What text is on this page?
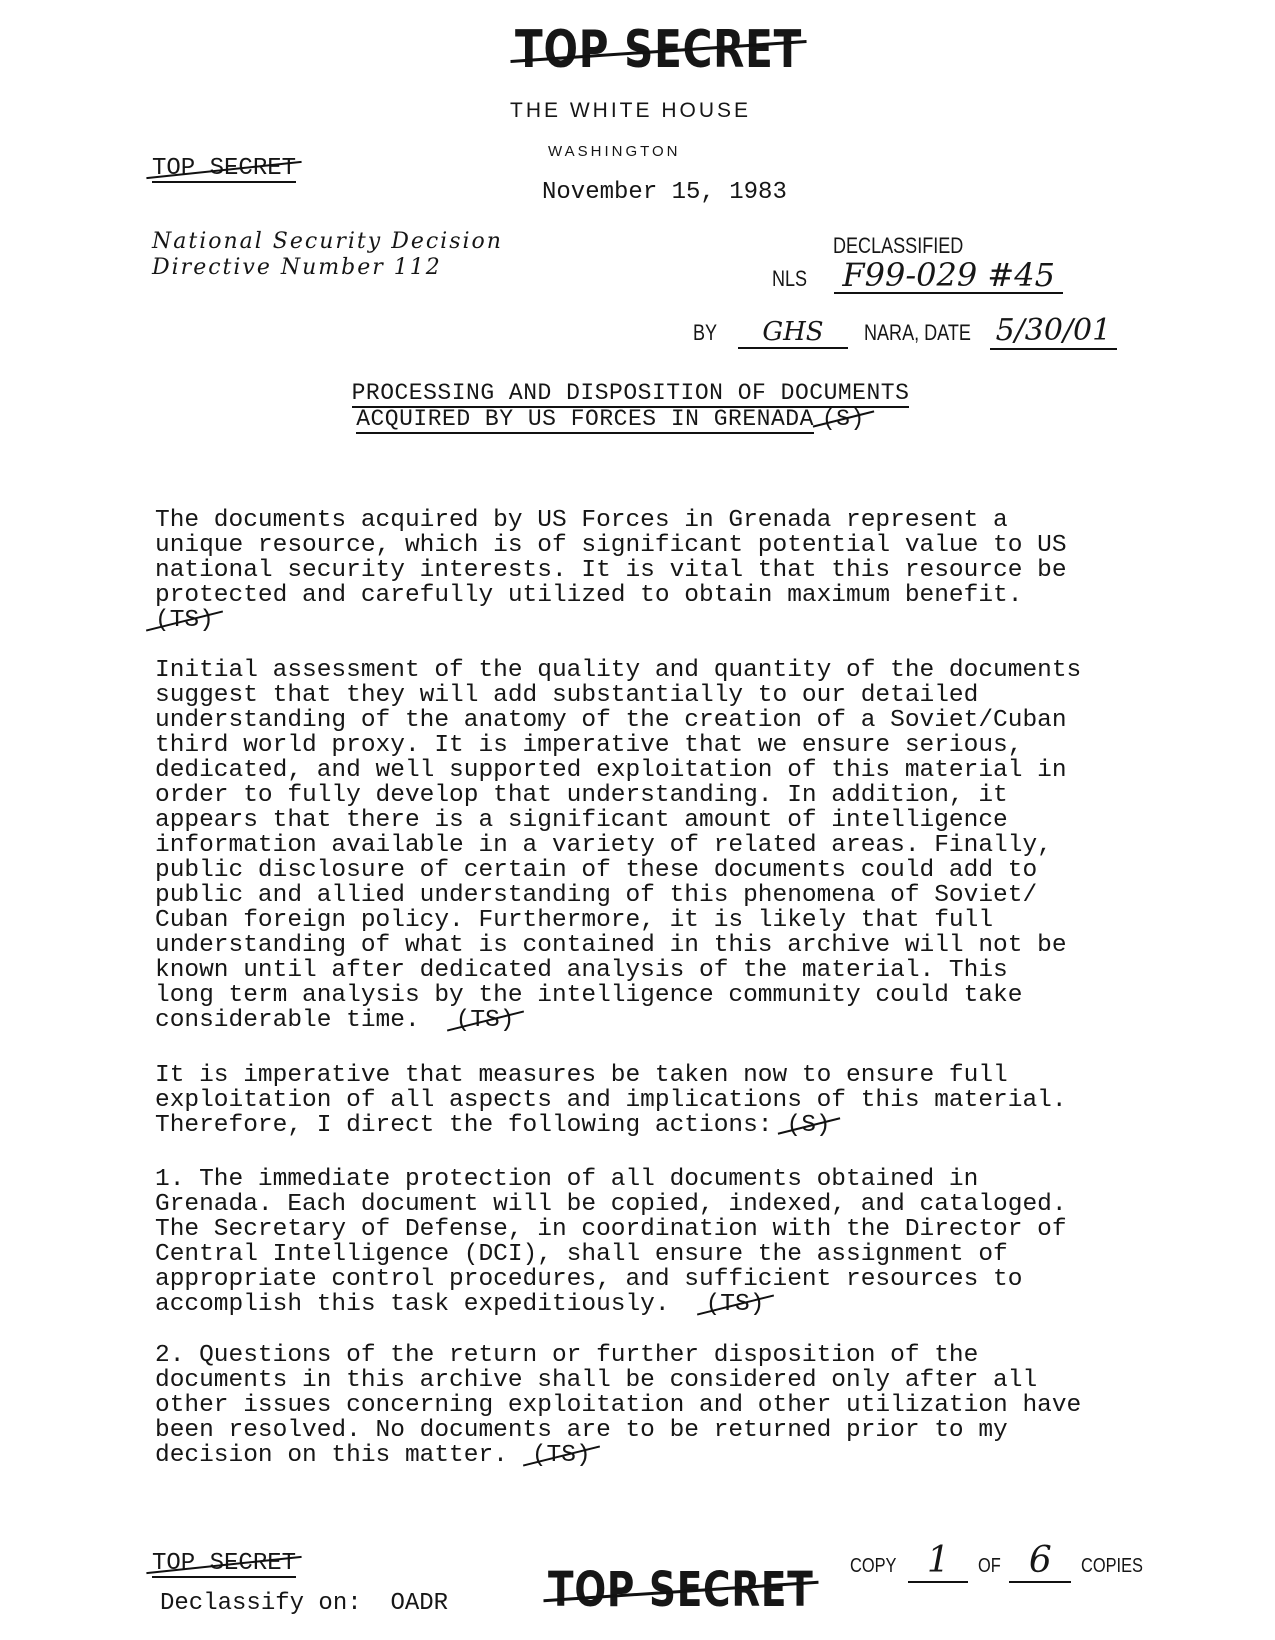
TOP SECRET
THE WHITE HOUSE
WASHINGTON
November 15, 1983
TOP SECRET
National Security Decision
Directive Number 112
DECLASSIFIED
NLS F99-029 #45
BY GHS NARA, DATE 5/30/01
PROCESSING AND DISPOSITION OF DOCUMENTS
ACQUIRED BY US FORCES IN GRENADA (S)
The documents acquired by US Forces in Grenada represent a
unique resource, which is of significant potential value to US
national security interests. It is vital that this resource be
protected and carefully utilized to obtain maximum benefit.
(TS)
Initial assessment of the quality and quantity of the documents
suggest that they will add substantially to our detailed
understanding of the anatomy of the creation of a Soviet/Cuban
third world proxy. It is imperative that we ensure serious,
dedicated, and well supported exploitation of this material in
order to fully develop that understanding. In addition, it
appears that there is a significant amount of intelligence
information available in a variety of related areas. Finally,
public disclosure of certain of these documents could add to
public and allied understanding of this phenomena of Soviet/
Cuban foreign policy. Furthermore, it is likely that full
understanding of what is contained in this archive will not be
known until after dedicated analysis of the material. This
long term analysis by the intelligence community could take
considerable time. (TS)
It is imperative that measures be taken now to ensure full
exploitation of all aspects and implications of this material.
Therefore, I direct the following actions: (S)
1. The immediate protection of all documents obtained in
Grenada. Each document will be copied, indexed, and cataloged.
The Secretary of Defense, in coordination with the Director of
Central Intelligence (DCI), shall ensure the assignment of
appropriate control procedures, and sufficient resources to
accomplish this task expeditiously. (TS)
2. Questions of the return or further disposition of the
documents in this archive shall be considered only after all
other issues concerning exploitation and other utilization have
been resolved. No documents are to be returned prior to my
decision on this matter. (TS)
TOP SECRET
Declassify on: OADR TOP SECRET COPY 1 OF 6 COPIES
